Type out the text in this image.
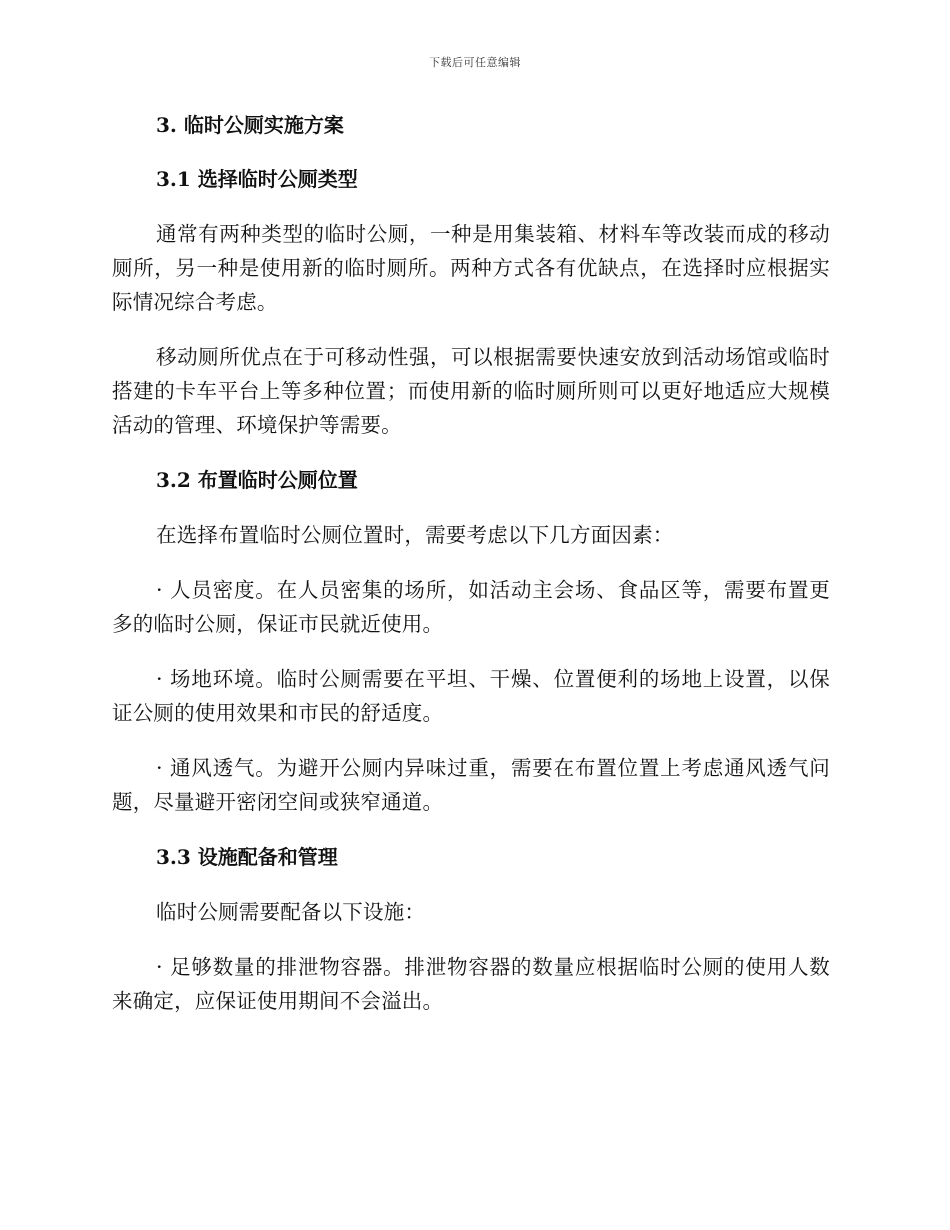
下载后可任意编辑
3. 临时公厕实施方案
3.1 选择临时公厕类型

通常有两种类型的临时公厕，一种是用集装箱、材料车等改装而成的移动厕所，另一种是使用新的临时厕所。两种方式各有优缺点，在选择时应根据实际情况综合考虑。

移动厕所优点在于可移动性强，可以根据需要快速安放到活动场馆或临时搭建的卡车平台上等多种位置；而使用新的临时厕所则可以更好地适应大规模活动的管理、环境保护等需要。

3.2 布置临时公厕位置

在选择布置临时公厕位置时，需要考虑以下几方面因素：

· 人员密度。在人员密集的场所，如活动主会场、食品区等，需要布置更多的临时公厕，保证市民就近使用。

· 场地环境。临时公厕需要在平坦、干燥、位置便利的场地上设置，以保证公厕的使用效果和市民的舒适度。

· 通风透气。为避开公厕内异味过重，需要在布置位置上考虑通风透气问题，尽量避开密闭空间或狭窄通道。

3.3 设施配备和管理

临时公厕需要配备以下设施：

· 足够数量的排泄物容器。排泄物容器的数量应根据临时公厕的使用人数来确定，应保证使用期间不会溢出。
